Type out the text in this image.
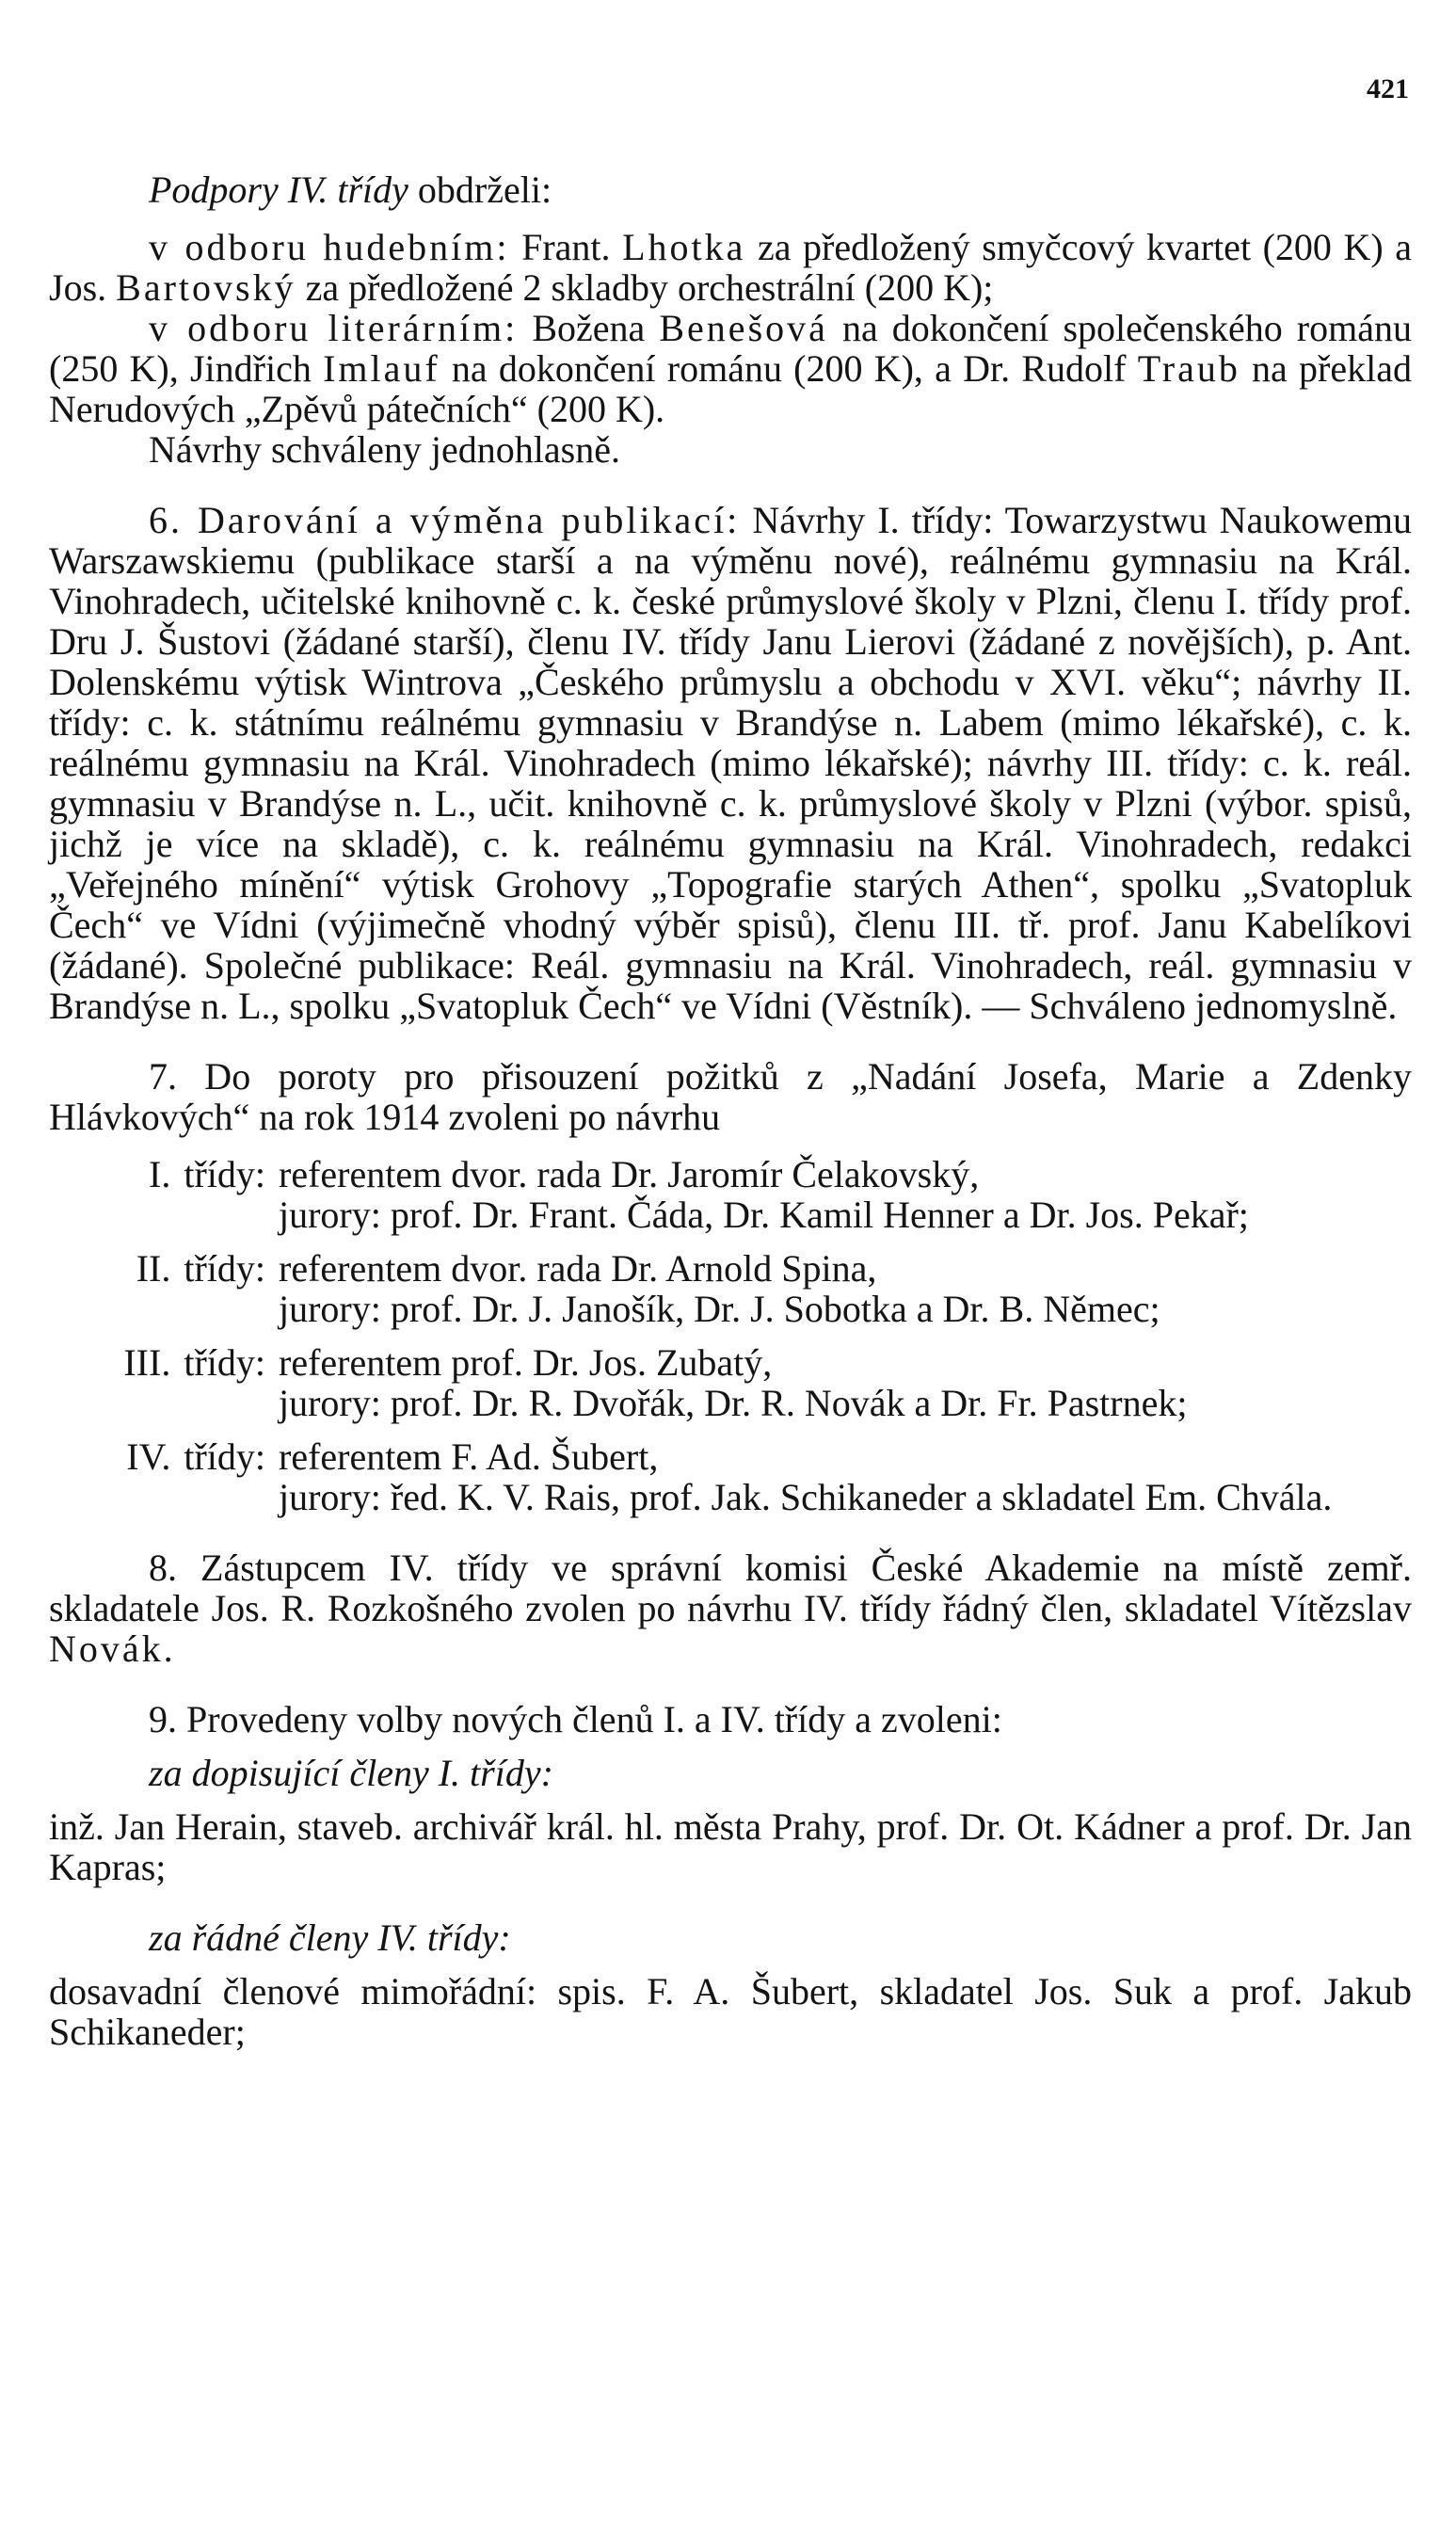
421

Podpory IV. třídy obdrželi:

v odboru hudebním: Frant. Lhotka za předložený smyčcový kvartet (200 K) a Jos. Bartovský za předložené 2 skladby orchestrální (200 K);

v odboru literárním: Božena Benešová na dokončení společenského románu (250 K), Jindřich Imlauf na dokončení románu (200 K), a Dr. Rudolf Traub na překlad Nerudových „Zpěvů pátečních“ (200 K).

Návrhy schváleny jednohlasně.

6. Darování a výměna publikací: Návrhy I. třídy: Towarzystwu Naukowemu Warszawskiemu (publikace starší a na výměnu nové), reálnému gymnasiu na Král. Vinohradech, učitelské knihovně c. k. české průmyslové školy v Plzni, členu I. třídy prof. Dru J. Šustovi (žádané starší), členu IV. třídy Janu Lierovi (žádané z novějších), p. Ant. Dolenskému výtisk Wintrova „Českého průmyslu a obchodu v XVI. věku“; návrhy II. třídy: c. k. státnímu reálnému gymnasiu v Brandýse n. Labem (mimo lékařské), c. k. reálnému gymnasiu na Král. Vinohradech (mimo lékařské); návrhy III. třídy: c. k. reál. gymnasiu v Brandýse n. L., učit. knihovně c. k. průmyslové školy v Plzni (výbor. spisů, jichž je více na skladě), c. k. reálnému gymnasiu na Král. Vinohradech, redakci „Veřejného mínění“ výtisk Grohovy „Topografie starých Athen“, spolku „Svatopluk Čech“ ve Vídni (výjimečně vhodný výběr spisů), členu III. tř. prof. Janu Kabelíkovi (žádané). Společné publikace: Reál. gymnasiu na Král. Vinohradech, reál. gymnasiu v Brandýse n. L., spolku „Svatopluk Čech“ ve Vídni (Věstník). — Schváleno jednomyslně.

7. Do poroty pro přisouzení požitků z „Nadání Josefa, Marie a Zdenky Hlávkových“ na rok 1914 zvoleni po návrhu

I. třídy: referentem dvor. rada Dr. Jaromír Čelakovský,

jurory: prof. Dr. Frant. Čáda, Dr. Kamil Henner a Dr. Jos. Pekař;

II. třídy: referentem dvor. rada Dr. Arnold Spina,

jurory: prof. Dr. J. Janošík, Dr. J. Sobotka a Dr. B. Němec;

III. třídy: referentem prof. Dr. Jos. Zubatý,

jurory: prof. Dr. R. Dvořák, Dr. R. Novák a Dr. Fr. Pastrnek;

IV. třídy: referentem F. Ad. Šubert,

jurory: řed. K. V. Rais, prof. Jak. Schikaneder a skladatel Em. Chvála.

8. Zástupcem IV. třídy ve správní komisi České Akademie na místě zemř. skladatele Jos. R. Rozkošného zvolen po návrhu IV. třídy řádný člen, skladatel Vítězslav Novák.

9. Provedeny volby nových členů I. a IV. třídy a zvoleni:

za dopisující členy I. třídy:

inž. Jan Herain, staveb. archivář král. hl. města Prahy, prof. Dr. Ot. Kádner a prof. Dr. Jan Kapras;

za řádné členy IV. třídy:

dosavadní členové mimořádní: spis. F. A. Šubert, skladatel Jos. Suk a prof. Jakub Schikaneder;
